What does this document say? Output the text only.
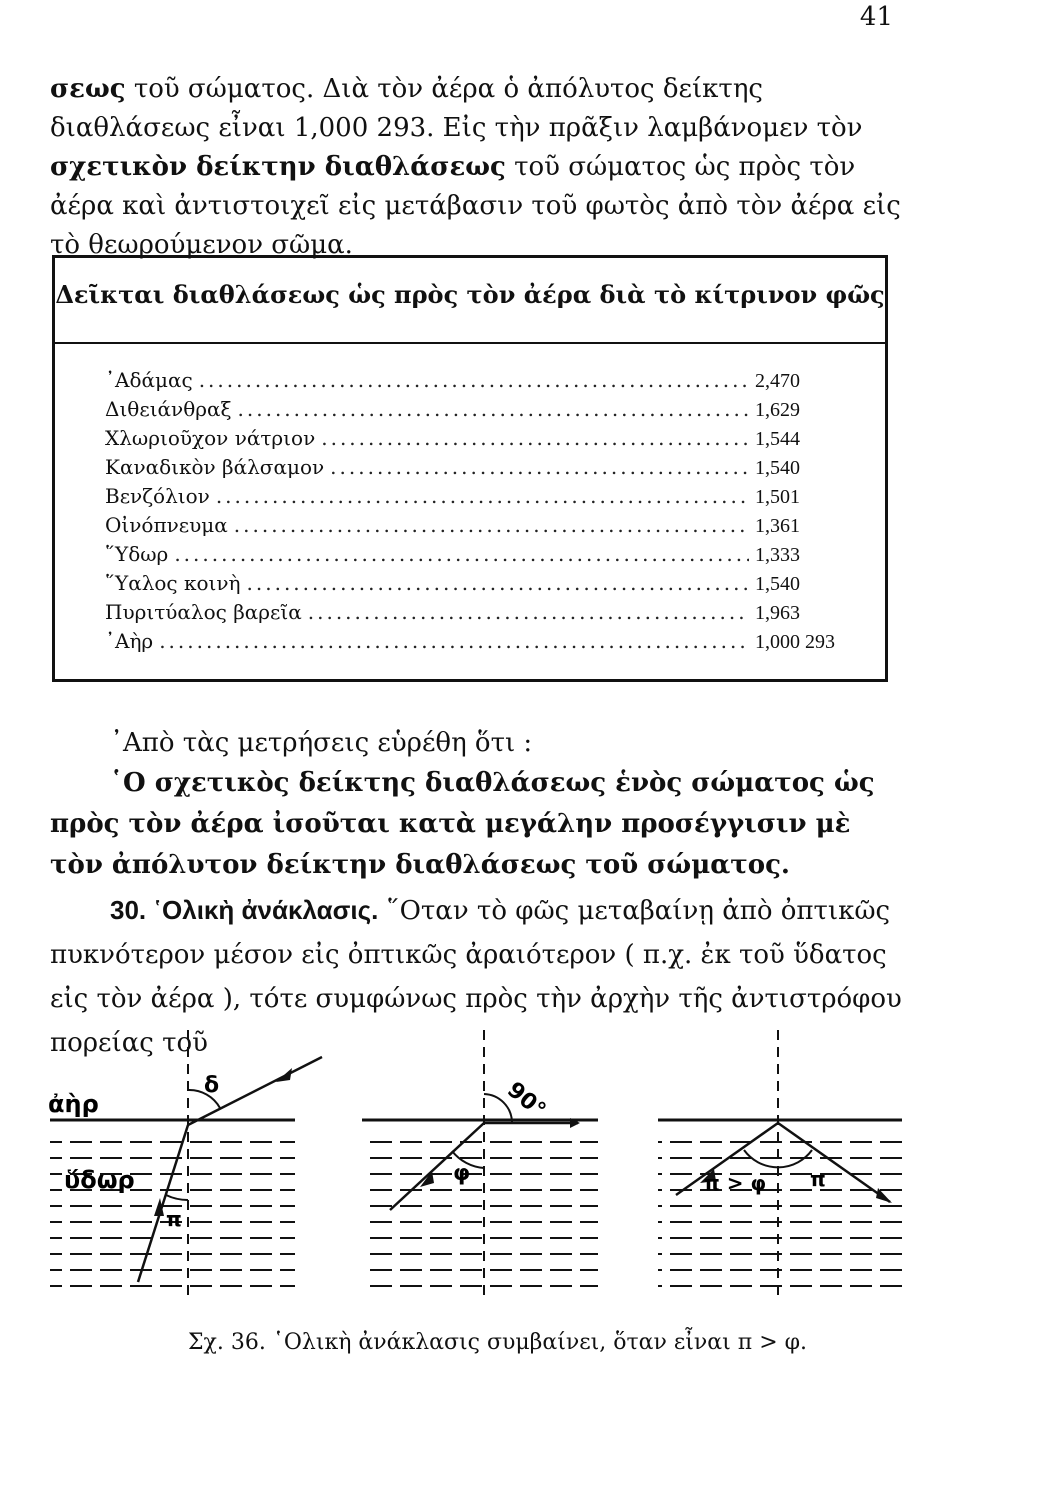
41

σεως τοῦ σώματος. Διὰ τὸν ἀέρα ὁ ἀπόλυτος δείκτης διαθλάσεως εἶναι 1,000 293. Εἰς τὴν πρᾶξιν λαμβάνομεν τὸν σχετικὸν δείκτην διαθλάσεως τοῦ σώματος ὡς πρὸς τὸν ἀέρα καὶ ἀντιστοιχεῖ εἰς μετάβασιν τοῦ φωτὸς ἀπὸ τὸν ἀέρα εἰς τὸ θεωρούμενον σῶμα.

Δεῖκται διαθλάσεως ὡς πρὸς τὸν ἀέρα διὰ τὸ κίτρινον φῶς
᾿Αδάμας .....	2,470
Διθειάνθραξ .....	1,629
Χλωριοῦχον νάτριον .....	1,544
Καναδικὸν βάλσαμον .....	1,540
Βενζόλιον .....	1,501
Οἰνόπνευμα .....	1,361
῞Υδωρ .....	1,333
῞Υαλος κοινὴ .....	1,540
Πυριτύαλος βαρεῖα .....	1,963
᾿Αὴρ .....	1,000 293

᾿Απὸ τὰς μετρήσεις εὑρέθη ὅτι :

῾Ο σχετικὸς δείκτης διαθλάσεως ἑνὸς σώματος ὡς πρὸς τὸν ἀέρα ἰσοῦται κατὰ μεγάλην προσέγγισιν μὲ τὸν ἀπόλυτον δείκτην διαθλάσεως τοῦ σώματος.

30. ῾Ολικὴ ἀνάκλασις. ῞Οταν τὸ φῶς μεταβαίνῃ ἀπὸ ὀπτικῶς πυκνότερον μέσον εἰς ὀπτικῶς ἀραιότερον ( π.χ. ἐκ τοῦ ὕδατος εἰς τὸν ἀέρα ), τότε συμφώνως πρὸς τὴν ἀρχὴν τῆς ἀντιστρόφου πορείας τοῦ

ἀὴρ
ὕδωρ
δ
π
90°
φ	π > φ π
Σχ. 36. ῾Ολικὴ ἀνάκλασις συμβαίνει, ὅταν εἶναι π > φ.
